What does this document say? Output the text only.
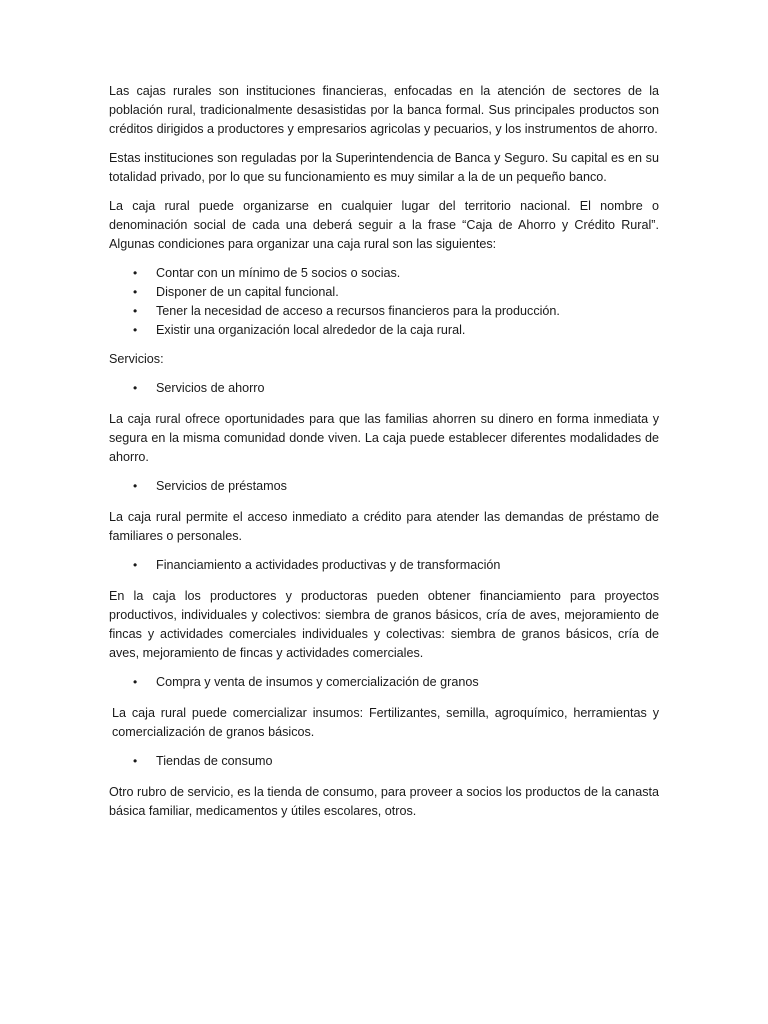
Las cajas rurales son instituciones financieras, enfocadas en la atención de sectores de la población rural, tradicionalmente desasistidas por la banca formal. Sus principales productos son créditos dirigidos a productores y empresarios agricolas y pecuarios, y los instrumentos de ahorro.

Estas instituciones son reguladas por la Superintendencia de Banca y Seguro. Su capital es en su totalidad privado, por lo que su funcionamiento es muy similar a la de un pequeño banco.

La caja rural puede organizarse en cualquier lugar del territorio nacional. El nombre o denominación social de cada una deberá seguir a la frase “Caja de Ahorro y Crédito Rural”. Algunas condiciones para organizar una caja rural son las siguientes:

• Contar con un mínimo de 5 socios o socias.
• Disponer de un capital funcional.
• Tener la necesidad de acceso a recursos financieros para la producción.
• Existir una organización local alrededor de la caja rural.

Servicios:

• Servicios de ahorro

La caja rural ofrece oportunidades para que las familias ahorren su dinero en forma inmediata y segura en la misma comunidad donde viven. La caja puede establecer diferentes modalidades de ahorro.

• Servicios de préstamos

La caja rural permite el acceso inmediato a crédito para atender las demandas de préstamo de familiares o personales.

• Financiamiento a actividades productivas y de transformación

En la caja los productores y productoras pueden obtener financiamiento para proyectos productivos, individuales y colectivos: siembra de granos básicos, cría de aves, mejoramiento de fincas y actividades comerciales individuales y colectivas: siembra de granos básicos, cría de aves, mejoramiento de fincas y actividades comerciales.

• Compra y venta de insumos y comercialización de granos

La caja rural puede comercializar insumos: Fertilizantes, semilla, agroquímico, herramientas y comercialización de granos básicos.

• Tiendas de consumo

Otro rubro de servicio, es la tienda de consumo, para proveer a socios los productos de la canasta básica familiar, medicamentos y útiles escolares, otros.
